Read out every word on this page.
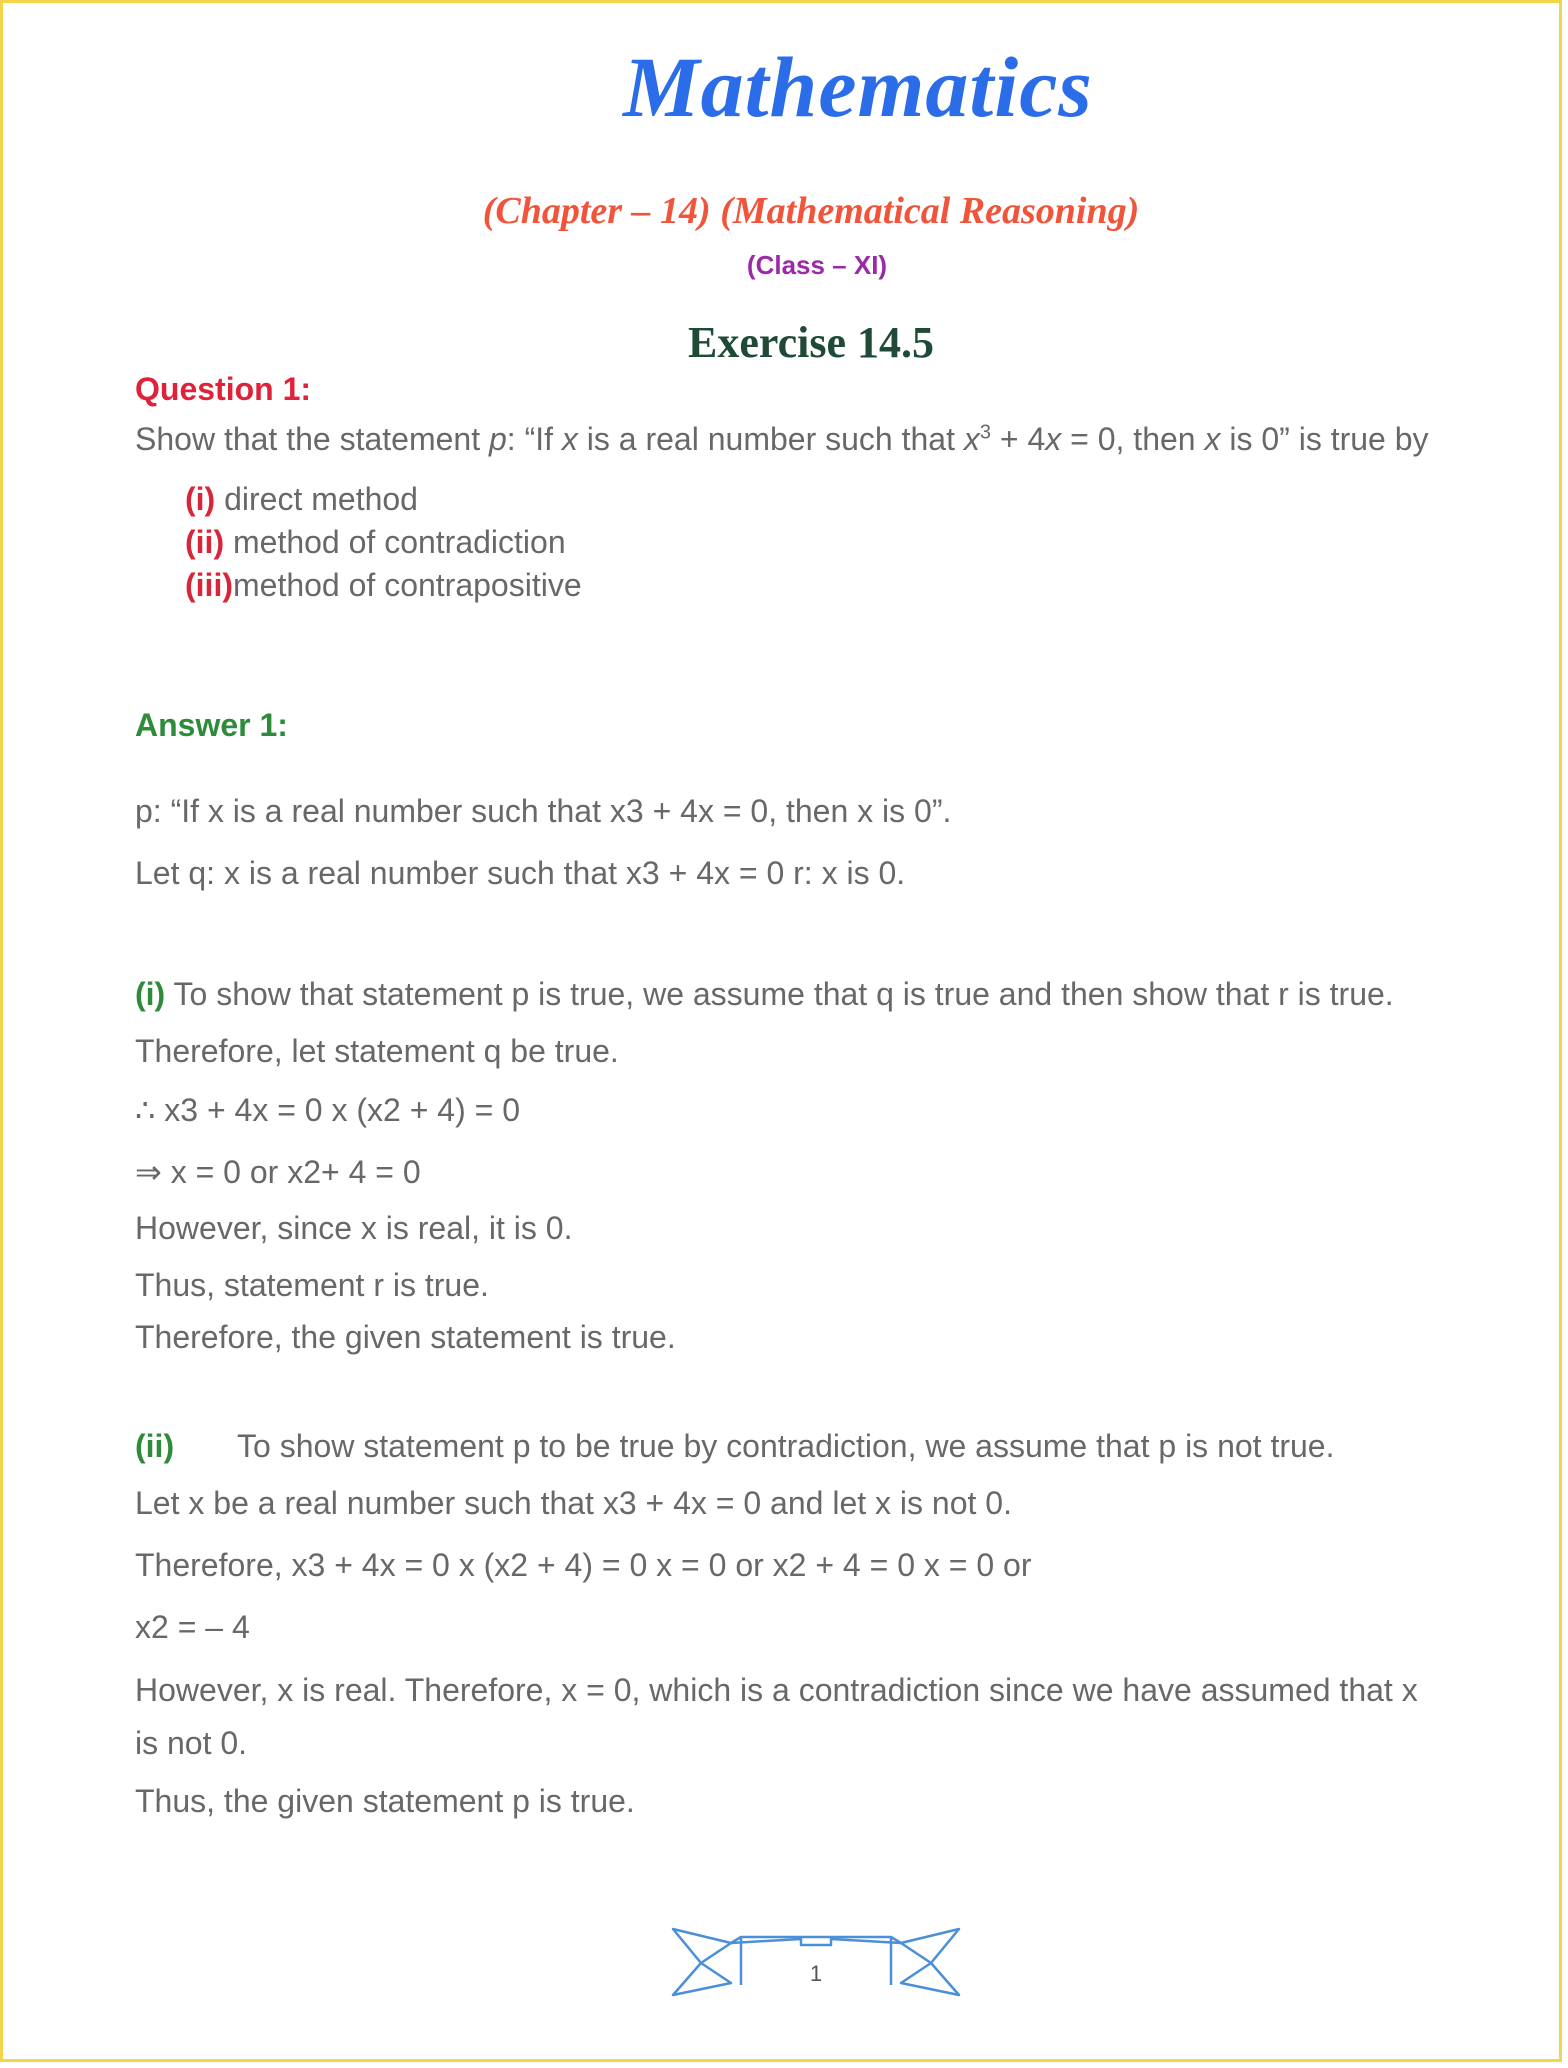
Mathematics
(Chapter – 14) (Mathematical Reasoning)
(Class – XI)
Exercise 14.5
Question 1:
Show that the statement p: “If x is a real number such that $x^3 + 4x = 0$, then x is 0” is true by
(i) direct method
(ii) method of contradiction
(iii)method of contrapositive
Answer 1:
p: “If x is a real number such that x3 + 4x = 0, then x is 0”.
Let q: x is a real number such that x3 + 4x = 0 r: x is 0.
(i) To show that statement p is true, we assume that q is true and then show that r is true.
Therefore, let statement q be true.
∴ x3 + 4x = 0 x (x2 + 4) = 0
⇒ x = 0 or x2+ 4 = 0
However, since x is real, it is 0.
Thus, statement r is true.
Therefore, the given statement is true.
(ii) To show statement p to be true by contradiction, we assume that p is not true.
Let x be a real number such that x3 + 4x = 0 and let x is not 0.
Therefore, x3 + 4x = 0 x (x2 + 4) = 0 x = 0 or x2 + 4 = 0 x = 0 or
x2 = – 4
However, x is real. Therefore, x = 0, which is a contradiction since we have assumed that x
is not 0.
Thus, the given statement p is true.
1
